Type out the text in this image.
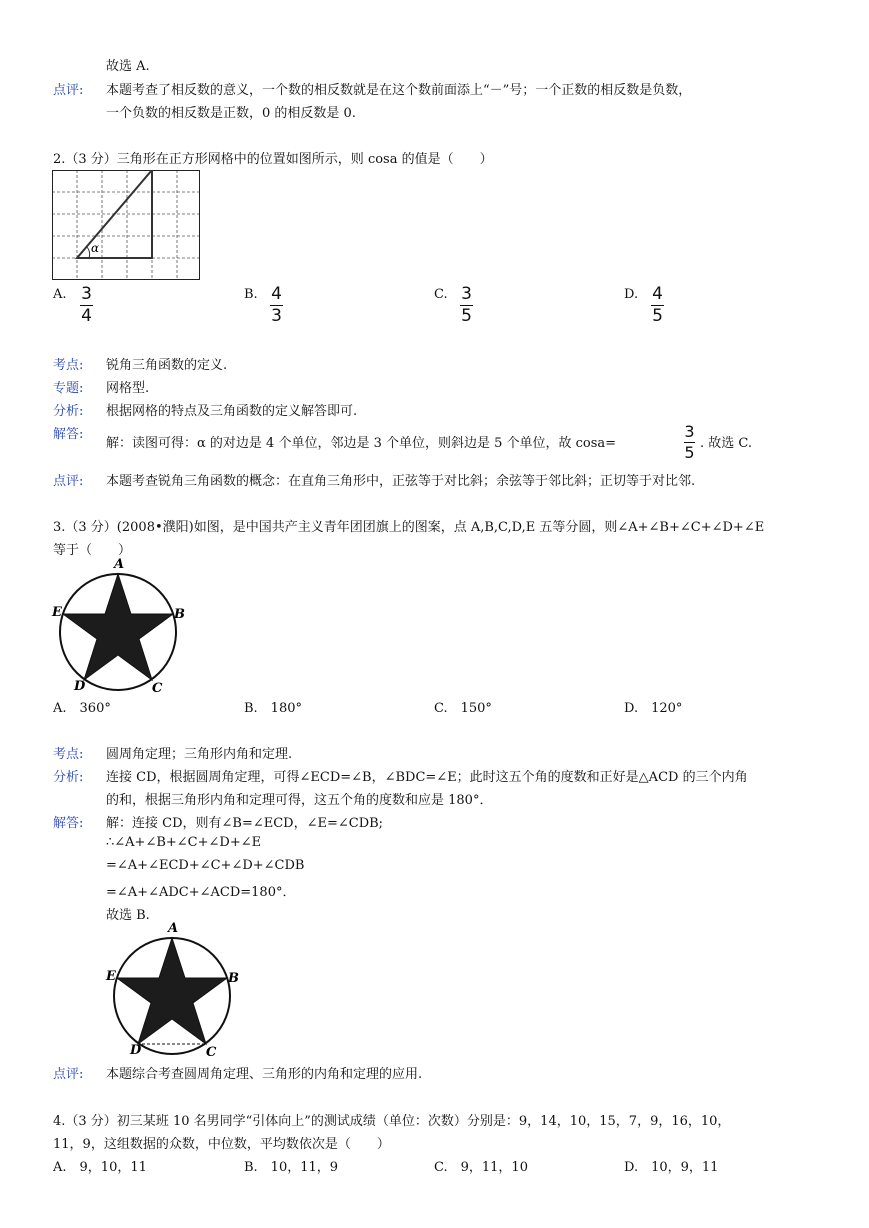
故选 A.
点评: 本题考查了相反数的意义，一个数的相反数就是在这个数前面添上“－”号；一个正数的相反数是负数，
一个负数的相反数是正数，0 的相反数是 0.
2.（3 分）三角形在正方形网格中的位置如图所示，则 cosa 的值是（　　）
α
A. 3
4
B. 4
3
C. 3
5
D. 4
5
考点: 锐角三角函数的定义.
专题: 网格型.
分析: 根据网格的特点及三角函数的定义解答即可.
解答:
解：读图可得：α 的对边是 4 个单位，邻边是 3 个单位，则斜边是 5 个单位，故 cosa=
3
5 . 故选 C.
点评: 本题考查锐角三角函数的概念：在直角三角形中，正弦等于对比斜；余弦等于邻比斜；正切等于对比邻.
3.（3 分）(2008•濮阳)如图，是中国共产主义青年团团旗上的图案，点 A,B,C,D,E 五等分圆，则∠A+∠B+∠C+∠D+∠E
等于（　　）
A
B
C
D
E
A.　360°	B.　180°	C.　150°	D.　120°
考点: 圆周角定理；三角形内角和定理.
分析: 连接 CD，根据圆周角定理，可得∠ECD=∠B，∠BDC=∠E；此时这五个角的度数和正好是△ACD 的三个内角
的和，根据三角形内角和定理可得，这五个角的度数和应是 180°．
解答: 解：连接 CD，则有∠B=∠ECD，∠E=∠CDB;
∴∠A+∠B+∠C+∠D+∠E
=∠A+∠ECD+∠C+∠D+∠CDB
=∠A+∠ADC+∠ACD=180°．
故选 B.
A
B
C
D
E
点评: 本题综合考查圆周角定理、三角形的内角和定理的应用.
4.（3 分）初三某班 10 名男同学“引体向上”的测试成绩（单位：次数）分别是：9，14，10，15，7，9，16，10，
11，9，这组数据的众数，中位数，平均数依次是（　　）
A.　9，10，11	B.　10，11，9	C.　9，11，10	D.　10，9，11
